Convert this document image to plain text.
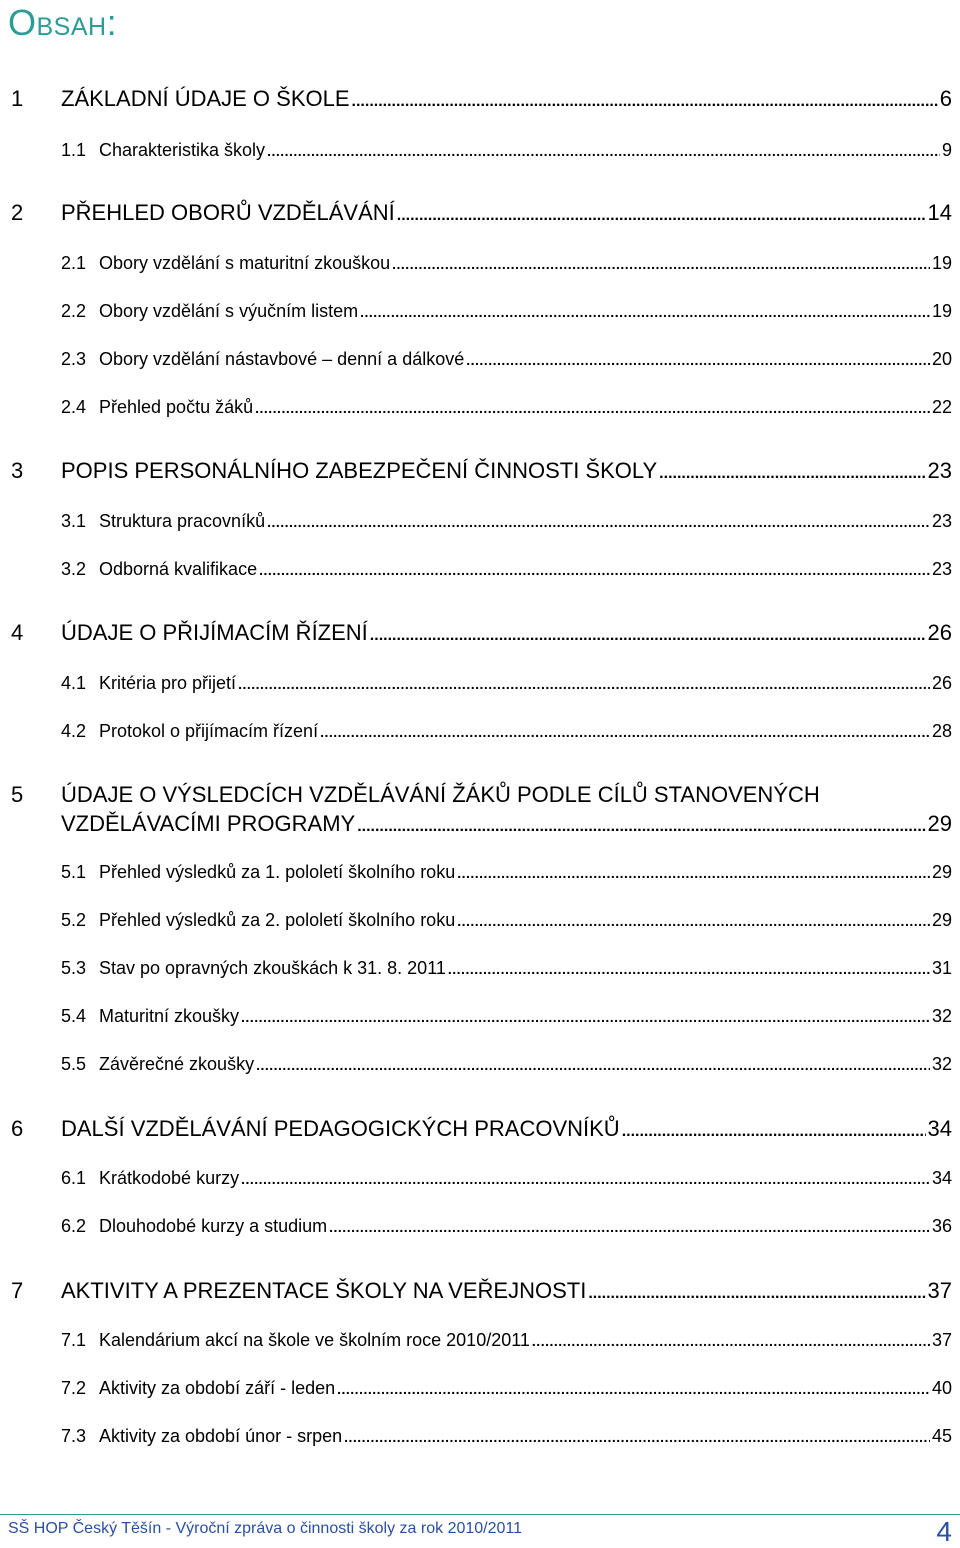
Obsah:
1 ZÁKLADNÍ ÚDAJE O ŠKOLE .....	6
1.1 Charakteristika školy .....	9
2 PŘEHLED OBORŮ VZDĚLÁVÁNÍ .....	14
2.1 Obory vzdělání s maturitní zkouškou .....	19
2.2 Obory vzdělání s výučním listem .....	19
2.3 Obory vzdělání nástavbové – denní a dálkové .....	20
2.4 Přehled počtu žáků .....	22
3 POPIS PERSONÁLNÍHO ZABEZPEČENÍ ČINNOSTI ŠKOLY .....	23
3.1 Struktura pracovníků .....	23
3.2 Odborná kvalifikace .....	23
4 ÚDAJE O PŘIJÍMACÍM ŘÍZENÍ .....	26
4.1 Kritéria pro přijetí .....	26
4.2 Protokol o přijímacím řízení .....	28
5 ÚDAJE O VÝSLEDCÍCH VZDĚLÁVÁNÍ ŽÁKŮ PODLE CÍLŮ STANOVENÝCH
VZDĚLÁVACÍMI PROGRAMY .....	29
5.1 Přehled výsledků za 1. pololetí školního roku .....	29
5.2 Přehled výsledků za 2. pololetí školního roku .....	29
5.3 Stav po opravných zkouškách k 31. 8. 2011 .....	31
5.4 Maturitní zkoušky .....	32
5.5 Závěrečné zkoušky .....	32
6 DALŠÍ VZDĚLÁVÁNÍ PEDAGOGICKÝCH PRACOVNÍKŮ .....	34
6.1 Krátkodobé kurzy .....	34
6.2 Dlouhodobé kurzy a studium .....	36
7 AKTIVITY A PREZENTACE ŠKOLY NA VEŘEJNOSTI .....	37
7.1 Kalendárium akcí na škole ve školním roce 2010/2011 .....	37
7.2 Aktivity za období září - leden .....	40
7.3 Aktivity za období únor - srpen .....	45
SŠ HOP Český Těšín - Výroční zpráva o činnosti školy za rok 2010/2011	4
